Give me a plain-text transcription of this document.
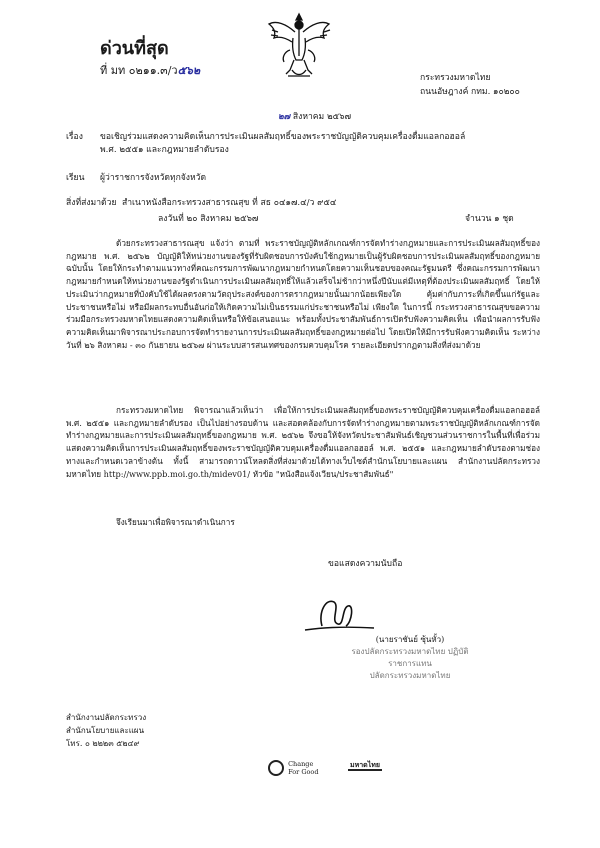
ด่วนที่สุด
ที่ มท ๐๒๑๑.๓/ว๕๖๒
กระทรวงมหาดไทย
ถนนอัษฎางค์ กทม. ๑๐๒๐๐
๒๗ สิงหาคม ๒๕๖๗
เรื่อง ขอเชิญร่วมแสดงความคิดเห็นการประเมินผลสัมฤทธิ์ของพระราชบัญญัติควบคุมเครื่องดื่มแอลกอฮอล์
พ.ศ. ๒๕๕๑ และกฎหมายลำดับรอง
เรียน ผู้ว่าราชการจังหวัดทุกจังหวัด
สิ่งที่ส่งมาด้วย สำเนาหนังสือกระทรวงสาธารณสุข ที่ สธ ๐๔๑๗.๔/ว ๙๕๔
ลงวันที่ ๒๐ สิงหาคม ๒๕๖๗	จำนวน ๑ ชุด
ด้วยกระทรวงสาธารณสุข แจ้งว่า ตามที่ พระราชบัญญัติหลักเกณฑ์การจัดทำร่างกฎหมายและการประเมินผลสัมฤทธิ์ของกฎหมาย พ.ศ. ๒๕๖๒ บัญญัติให้หน่วยงานของรัฐที่รับผิดชอบการบังคับใช้กฎหมายเป็นผู้รับผิดชอบการประเมินผลสัมฤทธิ์ของกฎหมายฉบับนั้น โดยให้กระทำตามแนวทางที่คณะกรรมการพัฒนากฎหมายกำหนดโดยความเห็นชอบของคณะรัฐมนตรี ซึ่งคณะกรรมการพัฒนากฎหมายกำหนดให้หน่วยงานของรัฐดำเนินการประเมินผลสัมฤทธิ์ให้แล้วเสร็จไม่ช้ากว่าหนึ่งปีนับแต่มีเหตุที่ต้องประเมินผลสัมฤทธิ์ โดยให้ประเมินว่ากฎหมายที่บังคับใช้ได้ผลตรงตามวัตถุประสงค์ของการตรากฎหมายนั้นมากน้อยเพียงใด คุ้มค่ากับภาระที่เกิดขึ้นแก่รัฐและประชาชนหรือไม่ หรือมีผลกระทบอื่นอันก่อให้เกิดความไม่เป็นธรรมแก่ประชาชนหรือไม่ เพียงใด ในการนี้ กระทรวงสาธารณสุขขอความร่วมมือกระทรวงมหาดไทยแสดงความคิดเห็นหรือให้ข้อเสนอแนะ พร้อมทั้งประชาสัมพันธ์การเปิดรับฟังความคิดเห็น เพื่อนำผลการรับฟังความคิดเห็นมาพิจารณาประกอบการจัดทำรายงานการประเมินผลสัมฤทธิ์ของกฎหมายต่อไป โดยเปิดให้มีการรับฟังความคิดเห็น ระหว่างวันที่ ๒๖ สิงหาคม - ๓๐ กันยายน ๒๕๖๗ ผ่านระบบสารสนเทศของกรมควบคุมโรค รายละเอียดปรากฏตามสิ่งที่ส่งมาด้วย
กระทรวงมหาดไทย พิจารณาแล้วเห็นว่า เพื่อให้การประเมินผลสัมฤทธิ์ของพระราชบัญญัติควบคุมเครื่องดื่มแอลกอฮอล์ พ.ศ. ๒๕๕๑ และกฎหมายลำดับรอง เป็นไปอย่างรอบด้าน และสอดคล้องกับการจัดทำร่างกฎหมายตามพระราชบัญญัติหลักเกณฑ์การจัดทำร่างกฎหมายและการประเมินผลสัมฤทธิ์ของกฎหมาย พ.ศ. ๒๕๖๒ จึงขอให้จังหวัดประชาสัมพันธ์เชิญชวนส่วนราชการในพื้นที่เพื่อร่วมแสดงความคิดเห็นการประเมินผลสัมฤทธิ์ของพระราชบัญญัติควบคุมเครื่องดื่มแอลกอฮอล์ พ.ศ. ๒๕๕๑ และกฎหมายลำดับรองตามช่องทางและกำหนดเวลาข้างต้น ทั้งนี้ สามารถดาวน์โหลดสิ่งที่ส่งมาด้วยได้ทางเว็บไซต์สำนักนโยบายและแผน สำนักงานปลัดกระทรวงมหาดไทย http://www.ppb.moi.go.th/midev01/ หัวข้อ "หนังสือแจ้งเวียน/ประชาสัมพันธ์"
จึงเรียนมาเพื่อพิจารณาดำเนินการ
ขอแสดงความนับถือ
(นายราชันย์ ซุ้นหั้ว)
รองปลัดกระทรวงมหาดไทย ปฏิบัติราชการแทน
ปลัดกระทรวงมหาดไทย
สำนักงานปลัดกระทรวง
สำนักนโยบายและแผน
โทร. ๐ ๒๒๒๓ ๕๒๔๙
Change
For Good
มหาดไทย
